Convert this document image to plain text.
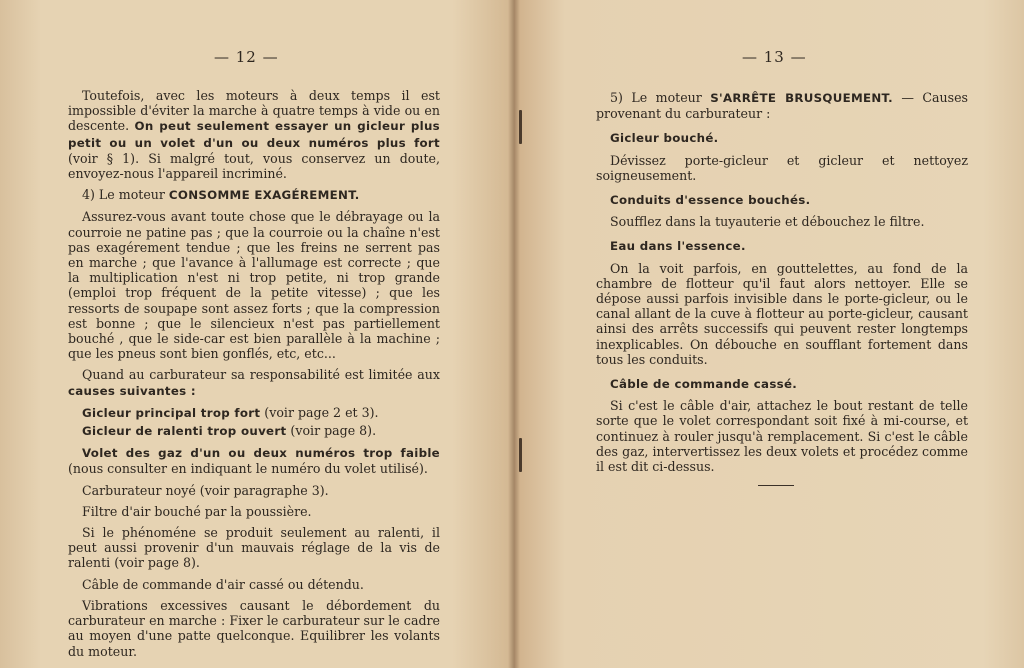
— 12 —

Toutefois, avec les moteurs à deux temps il est impossible d'éviter la marche à quatre temps à vide ou en descente. On peut seulement essayer un gicleur plus petit ou un volet d'un ou deux numéros plus fort (voir § 1). Si malgré tout, vous conservez un doute, envoyez-nous l'appareil incriminé.

4) Le moteur CONSOMME EXAGÉREMENT.

Assurez-vous avant toute chose que le débrayage ou la courroie ne patine pas ; que la courroie ou la chaîne n'est pas exagérement tendue ; que les freins ne serrent pas en marche ; que l'avance à l'allumage est correcte ; que la multiplication n'est ni trop petite, ni trop grande (emploi trop fréquent de la petite vitesse) ; que les ressorts de soupape sont assez forts ; que la compression est bonne ; que le silencieux n'est pas partiellement bouché , que le side-car est bien parallèle à la machine ; que les pneus sont bien gonflés, etc, etc...

Quand au carburateur sa responsabilité est limitée aux causes suivantes :

Gicleur principal trop fort (voir page 2 et 3).

Gicleur de ralenti trop ouvert (voir page 8).

Volet des gaz d'un ou deux numéros trop faible (nous consulter en indiquant le numéro du volet utilisé).

Carburateur noyé (voir paragraphe 3).

Filtre d'air bouché par la poussière.

Si le phénoméne se produit seulement au ralenti, il peut aussi provenir d'un mauvais réglage de la vis de ralenti (voir page 8).

Câble de commande d'air cassé ou détendu.

Vibrations excessives causant le débordement du carburateur en marche : Fixer le carburateur sur le cadre au moyen d'une patte quelconque. Equilibrer les volants du moteur.

— 13 —

5) Le moteur S'ARRÊTE BRUSQUEMENT. — Causes provenant du carburateur :

Gicleur bouché.

Dévissez porte-gicleur et gicleur et nettoyez soigneusement.

Conduits d'essence bouchés.

Soufflez dans la tuyauterie et débouchez le filtre.

Eau dans l'essence.

On la voit parfois, en gouttelettes, au fond de la chambre de flotteur qu'il faut alors nettoyer. Elle se dépose aussi parfois invisible dans le porte-gicleur, ou le canal allant de la cuve à flotteur au porte-gicleur, causant ainsi des arrêts successifs qui peuvent rester longtemps inexplicables. On débouche en soufflant fortement dans tous les conduits.

Câble de commande cassé.

Si c'est le câble d'air, attachez le bout restant de telle sorte que le volet correspondant soit fixé à mi-course, et continuez à rouler jusqu'à remplacement. Si c'est le câble des gaz, intervertissez les deux volets et procédez comme il est dit ci-dessus.
